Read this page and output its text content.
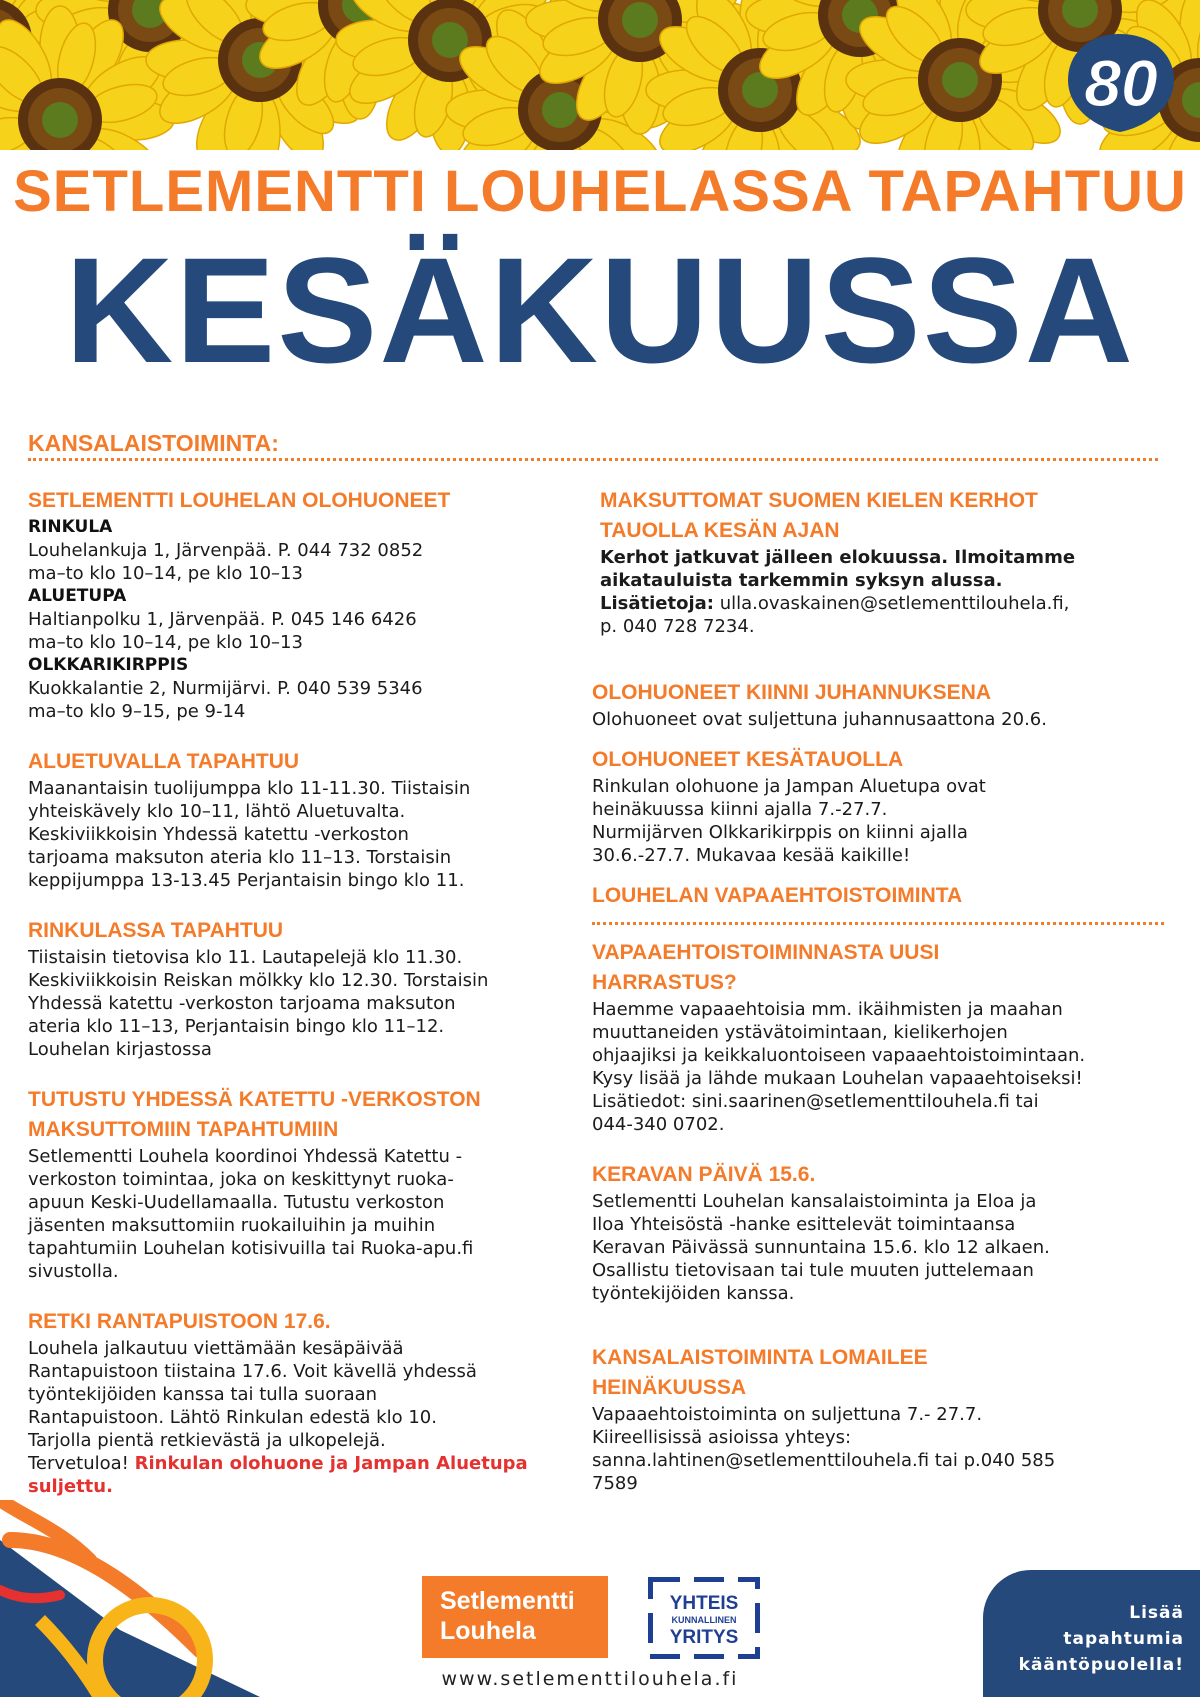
80
SETLEMENTTI LOUHELASSA TAPAHTUU
KESÄKUUSSA
KANSALAISTOIMINTA:

SETLEMENTTI LOUHELAN OLOHUONEET

RINKULA

Louhelankuja 1, Järvenpää. P. 044 732 0852

ma–to klo 10–14, pe klo 10–13

ALUETUPA

Haltianpolku 1, Järvenpää. P. 045 146 6426

ma–to klo 10–14, pe klo 10–13

OLKKARIKIRPPIS

Kuokkalantie 2, Nurmijärvi. P. 040 539 5346

ma–to klo 9–15, pe 9-14

ALUETUVALLA TAPAHTUU

Maanantaisin tuolijumppa klo 11-11.30. Tiistaisin

yhteiskävely klo 10–11, lähtö Aluetuvalta.

Keskiviikkoisin Yhdessä katettu -verkoston

tarjoama maksuton ateria klo 11–13. Torstaisin

keppijumppa 13-13.45 Perjantaisin bingo klo 11.

RINKULASSA TAPAHTUU

Tiistaisin tietovisa klo 11. Lautapelejä klo 11.30.

Keskiviikkoisin Reiskan mölkky klo 12.30. Torstaisin

Yhdessä katettu -verkoston tarjoama maksuton

ateria klo 11–13, Perjantaisin bingo klo 11–12.

Louhelan kirjastossa

TUTUSTU YHDESSÄ KATETTU -VERKOSTON

MAKSUTTOMIIN TAPAHTUMIIN

Setlementti Louhela koordinoi Yhdessä Katettu -

verkoston toimintaa, joka on keskittynyt ruoka-

apuun Keski-Uudellamaalla. Tutustu verkoston

jäsenten maksuttomiin ruokailuihin ja muihin

tapahtumiin Louhelan kotisivuilla tai Ruoka-apu.fi

sivustolla.

RETKI RANTAPUISTOON 17.6.

Louhela jalkautuu viettämään kesäpäivää

Rantapuistoon tiistaina 17.6. Voit kävellä yhdessä

työntekijöiden kanssa tai tulla suoraan

Rantapuistoon. Lähtö Rinkulan edestä klo 10.

Tarjolla pientä retkievästä ja ulkopelejä.

Tervetuloa! Rinkulan olohuone ja Jampan Aluetupa

suljettu.

MAKSUTTOMAT SUOMEN KIELEN KERHOT

TAUOLLA KESÄN AJAN

Kerhot jatkuvat jälleen elokuussa. Ilmoitamme

aikatauluista tarkemmin syksyn alussa.

Lisätietoja: ulla.ovaskainen@setlementtilouhela.fi,

p. 040 728 7234.

OLOHUONEET KIINNI JUHANNUKSENA

Olohuoneet ovat suljettuna juhannusaattona 20.6.

OLOHUONEET KESÄTAUOLLA

Rinkulan olohuone ja Jampan Aluetupa ovat

heinäkuussa kiinni ajalla 7.-27.7.

Nurmijärven Olkkarikirppis on kiinni ajalla

30.6.-27.7. Mukavaa kesää kaikille!

LOUHELAN VAPAAEHTOISTOIMINTA

VAPAAEHTOISTOIMINNASTA UUSI

HARRASTUS?

Haemme vapaaehtoisia mm. ikäihmisten ja maahan

muuttaneiden ystävätoimintaan, kielikerhojen

ohjaajiksi ja keikkaluontoiseen vapaaehtoistoimintaan.

Kysy lisää ja lähde mukaan Louhelan vapaaehtoiseksi!

Lisätiedot: sini.saarinen@setlementtilouhela.fi tai

044-340 0702.

KERAVAN PÄIVÄ 15.6.

Setlementti Louhelan kansalaistoiminta ja Eloa ja

Iloa Yhteisöstä -hanke esittelevät toimintaansa

Keravan Päivässä sunnuntaina 15.6. klo 12 alkaen.

Osallistu tietovisaan tai tule muuten juttelemaan

työntekijöiden kanssa.

KANSALAISTOIMINTA LOMAILEE

HEINÄKUUSSA

Vapaaehtoistoiminta on suljettuna 7.- 27.7.

Kiireellisissä asioissa yhteys:

sanna.lahtinen@setlementtilouhela.fi tai p.040 585

7589

Setlementti
Louhela
YHTEIS
KUNNALLINEN
YRITYS
www.setlementtilouhela.fi
Lisää
tapahtumia
kääntöpuolella!
